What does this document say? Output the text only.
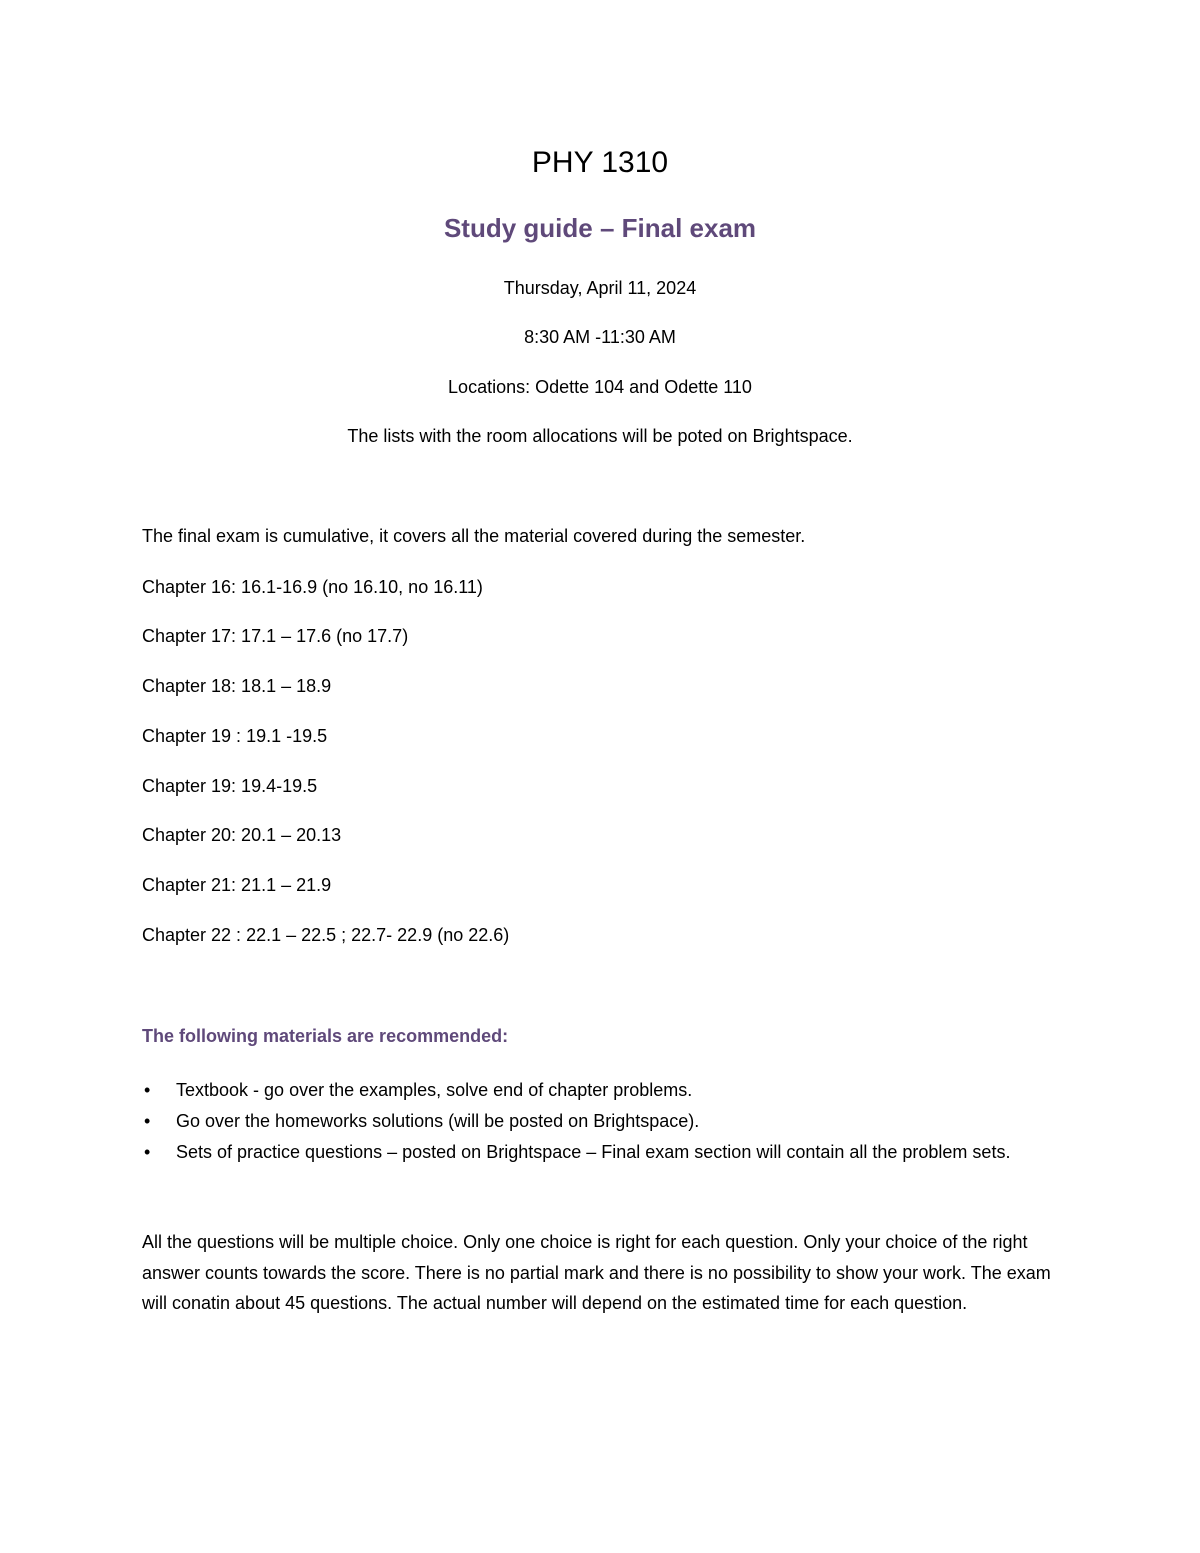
PHY 1310
Study guide – Final exam
Thursday, April 11, 2024
8:30 AM -11:30 AM
Locations: Odette 104 and Odette 110
The lists with the room allocations will be poted on Brightspace.
The final exam is cumulative, it covers all the material covered during the semester.
Chapter 16: 16.1-16.9 (no 16.10, no 16.11)
Chapter 17: 17.1 – 17.6 (no 17.7)
Chapter 18: 18.1 – 18.9
Chapter 19 : 19.1 -19.5
Chapter 19: 19.4-19.5
Chapter 20: 20.1 – 20.13
Chapter 21: 21.1 – 21.9
Chapter 22 : 22.1 – 22.5 ; 22.7- 22.9 (no 22.6)
The following materials are recommended:
• Textbook - go over the examples, solve end of chapter problems.
• Go over the homeworks solutions (will be posted on Brightspace).
• Sets of practice questions – posted on Brightspace – Final exam section will contain all the problem sets.
All the questions will be multiple choice. Only one choice is right for each question. Only your choice of the right answer counts towards the score. There is no partial mark and there is no possibility to show your work. The exam will conatin about 45 questions. The actual number will depend on the estimated time for each question.
